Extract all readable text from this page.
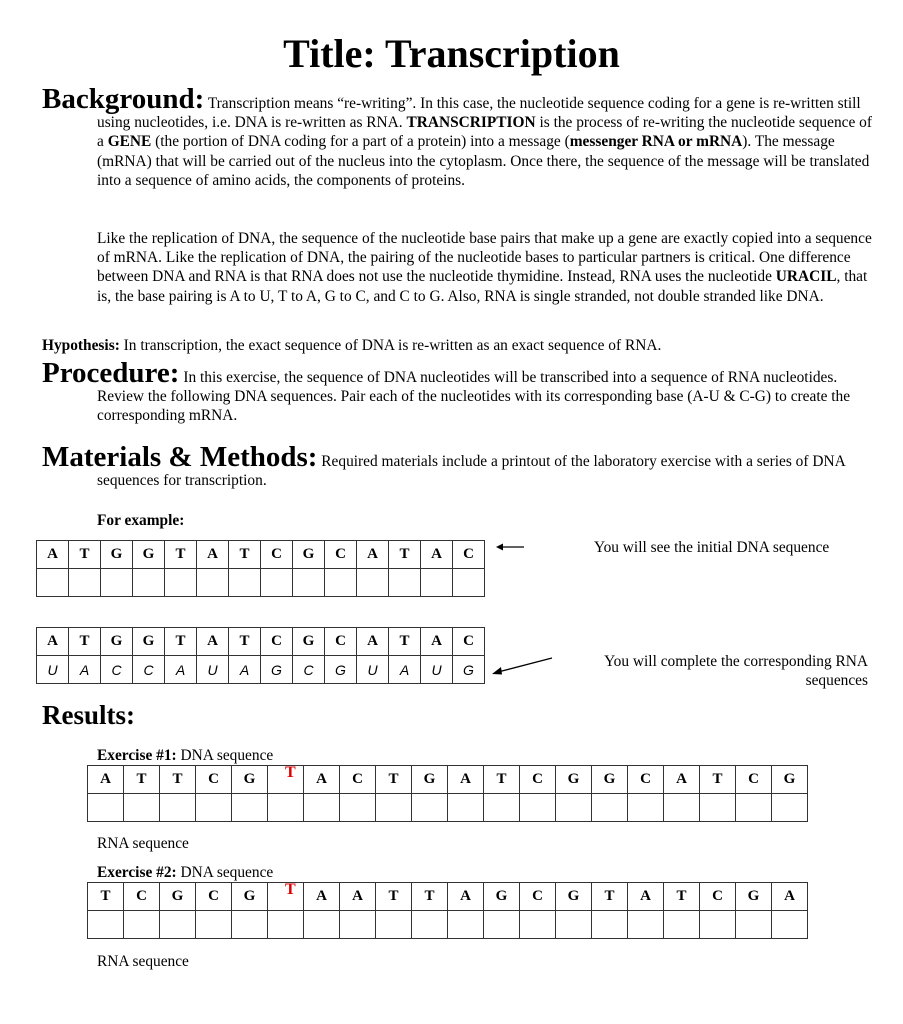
Title: Transcription
Background: Transcription means “re-writing”. In this case, the nucleotide sequence coding for a gene is re-written still using nucleotides, i.e. DNA is re-written as RNA. TRANSCRIPTION is the process of re-writing the nucleotide sequence of a GENE (the portion of DNA coding for a part of a protein) into a message (messenger RNA or mRNA). The message (mRNA) that will be carried out of the nucleus into the cytoplasm. Once there, the sequence of the message will be translated into a sequence of amino acids, the components of proteins.
Like the replication of DNA, the sequence of the nucleotide base pairs that make up a gene are exactly copied into a sequence of mRNA. Like the replication of DNA, the pairing of the nucleotide bases to particular partners is critical. One difference between DNA and RNA is that RNA does not use the nucleotide thymidine. Instead, RNA uses the nucleotide URACIL, that is, the base pairing is A to U, T to A, G to C, and C to G. Also, RNA is single stranded, not double stranded like DNA.
Hypothesis: In transcription, the exact sequence of DNA is re-written as an exact sequence of RNA.
Procedure: In this exercise, the sequence of DNA nucleotides will be transcribed into a sequence of RNA nucleotides. Review the following DNA sequences. Pair each of the nucleotides with its corresponding base (A-U & C-G) to create the corresponding mRNA.
Materials & Methods: Required materials include a printout of the laboratory exercise with a series of DNA sequences for transcription.
For example:
A	T	G	G	T	A	T	C	G	C	A	T	A	C
														You will see the initial DNA sequence
A	T	G	G	T	A	T	C	G	C	A	T	A	C
U	A	C	C	A	U	A	G	C	G	U	A	U	G	You will complete the corresponding RNA sequences
Results:
Exercise #1: DNA sequence
A	T	T	C	G		A	C	T	G	A	T	C	G	G	C	A	T	C	G

T
RNA sequence
Exercise #2: DNA sequence
T	C	G	C	G		A	A	T	T	A	G	C	G	T	A	T	C	G	A

T
RNA sequence
